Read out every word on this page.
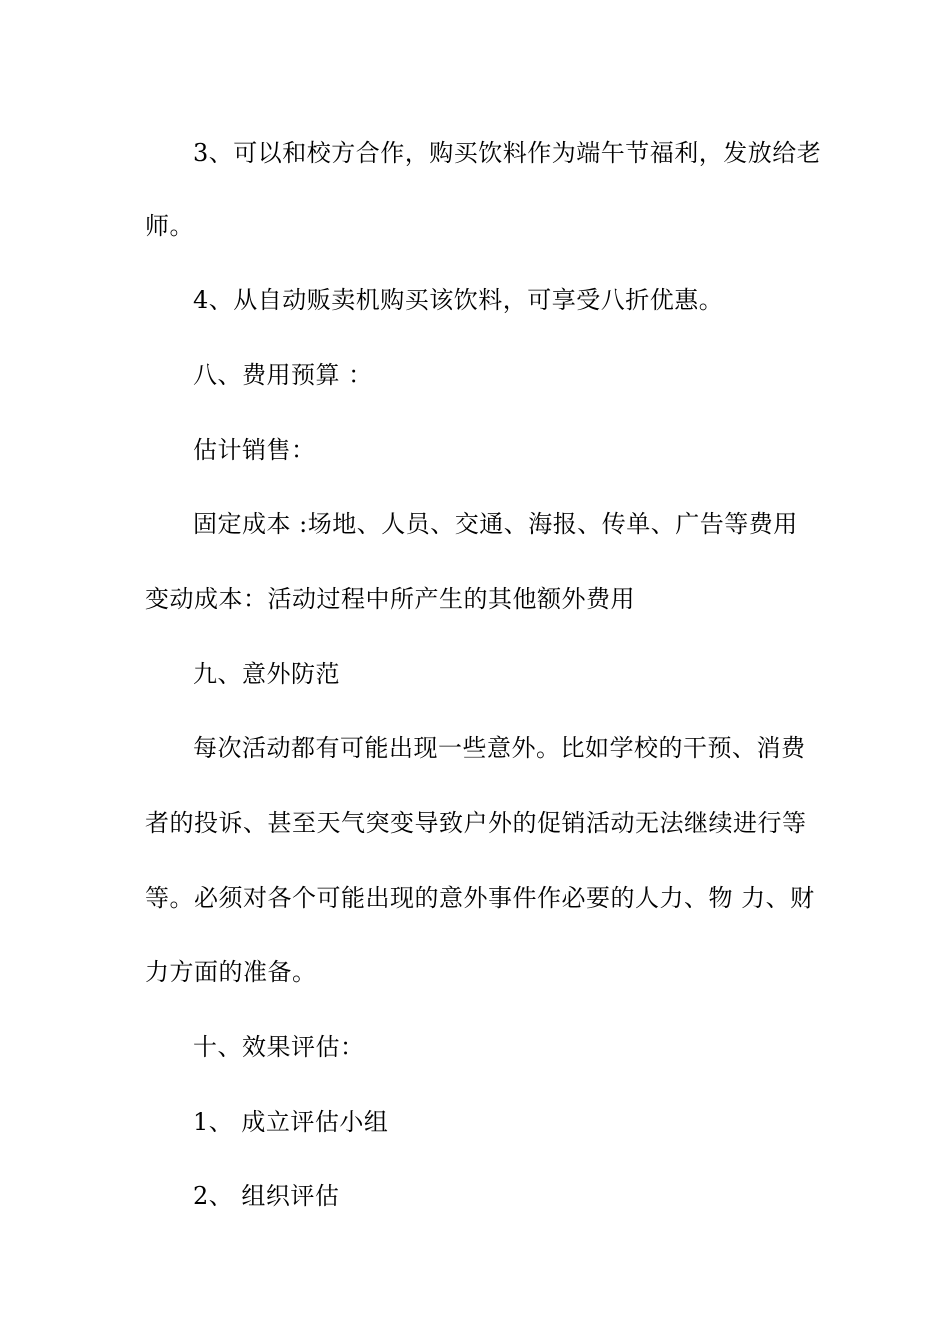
3、可以和校方合作，购买饮料作为端午节福利，发放给老
师。
4、从自动贩卖机购买该饮料，可享受八折优惠。
八、费用预算 ：
估计销售：
固定成本 :场地、人员、交通、海报、传单、广告等费用
变动成本：活动过程中所产生的其他额外费用
九、意外防范
每次活动都有可能出现一些意外。比如学校的干预、消费
者的投诉、甚至天气突变导致户外的促销活动无法继续进行等
等。必须对各个可能出现的意外事件作必要的人力、物 力、财
力方面的准备。
十、效果评估：
1、 成立评估小组
2、 组织评估
